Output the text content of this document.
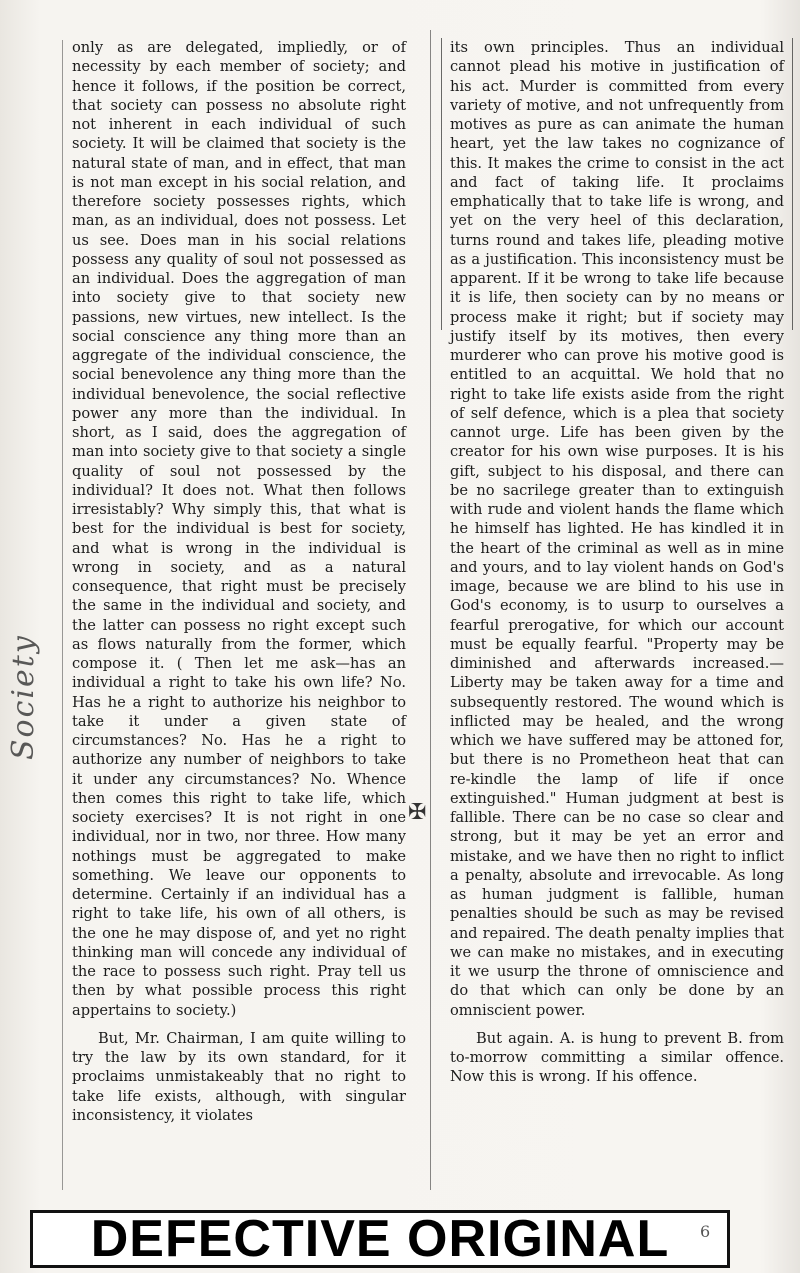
only as are delegated, impliedly, or of necessity by each member of society; and hence it follows, if the position be correct, that society can possess no absolute right not inherent in each individual of such society. It will be claimed that society is the natural state of man, and in effect, that man is not man except in his social relation, and therefore society possesses rights, which man, as an individual, does not possess. Let us see. Does man in his social relations possess any quality of soul not possessed as an individual. Does the aggregation of man into society give to that society new passions, new virtues, new intellect. Is the social conscience any thing more than an aggregate of the individual conscience, the social benevolence any thing more than the individual benevolence, the social reflective power any more than the individual. In short, as I said, does the aggregation of man into society give to that society a single quality of soul not possessed by the individual? It does not. What then follows irresistably? Why simply this, that what is best for the individual is best for society, and what is wrong in the individual is wrong in society, and as a natural consequence, that right must be precisely the same in the individual and society, and the latter can possess no right except such as flows naturally from the former, which compose it. ( Then let me ask—has an individual a right to take his own life? No. Has he a right to authorize his neighbor to take it under a given state of circumstances? No. Has he a right to authorize any number of neighbors to take it under any circumstances? No. Whence then comes this right to take life, which society exercises? It is not right in one individual, nor in two, nor three. How many nothings must be aggregated to make something. We leave our opponents to determine. Certainly if an individual has a right to take life, his own of all others, is the one he may dispose of, and yet no right thinking man will concede any individual of the race to possess such right. Pray tell us then by what possible process this right appertains to society.)

But, Mr. Chairman, I am quite willing to try the law by its own standard, for it proclaims unmistakeably that no right to take life exists, although, with singular inconsistency, it violates

its own principles. Thus an individual cannot plead his motive in justification of his act. Murder is committed from every variety of motive, and not unfrequently from motives as pure as can animate the human heart, yet the law takes no cognizance of this. It makes the crime to consist in the act and fact of taking life. It proclaims emphatically that to take life is wrong, and yet on the very heel of this declaration, turns round and takes life, pleading motive as a justification. This inconsistency must be apparent. If it be wrong to take life because it is life, then society can by no means or process make it right; but if society may justify itself by its motives, then every murderer who can prove his motive good is entitled to an acquittal. We hold that no right to take life exists aside from the right of self defence, which is a plea that society cannot urge. Life has been given by the creator for his own wise purposes. It is his gift, subject to his disposal, and there can be no sacrilege greater than to extinguish with rude and violent hands the flame which he himself has lighted. He has kindled it in the heart of the criminal as well as in mine and yours, and to lay violent hands on God's image, because we are blind to his use in God's economy, is to usurp to ourselves a fearful prerogative, for which our account must be equally fearful. "Property may be diminished and afterwards increased.—Liberty may be taken away for a time and subsequently restored. The wound which is inflicted may be healed, and the wrong which we have suffered may be attoned for, but there is no Prometheon heat that can re-kindle the lamp of life if once extinguished." Human judgment at best is fallible. There can be no case so clear and strong, but it may be yet an error and mistake, and we have then no right to inflict a penalty, absolute and irrevocable. As long as human judgment is fallible, human penalties should be such as may be revised and repaired. The death penalty implies that we can make no mistakes, and in executing it we usurp the throne of omniscience and do that which can only be done by an omniscient power.

But again. A. is hung to prevent B. from to-morrow committing a similar offence. Now this is wrong. If his offence.

Society
✠
DEFECTIVE ORIGINAL	6
